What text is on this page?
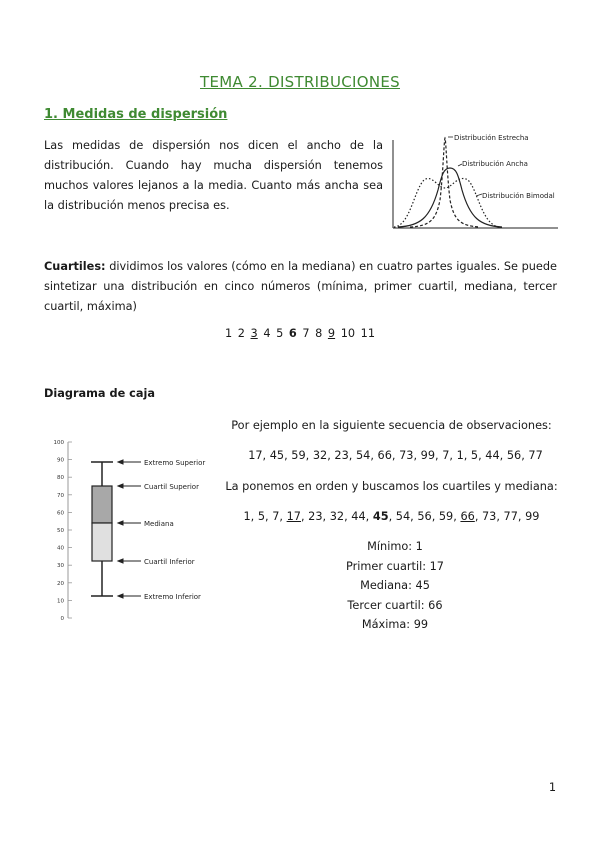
TEMA 2. DISTRIBUCIONES
1. Medidas de dispersión
Las medidas de dispersión nos dicen el ancho de la distribución. Cuando hay mucha dispersión tenemos muchos valores lejanos a la media. Cuanto más ancha sea la distribución menos precisa es.
Distribución Estrecha
Distribución Ancha
Distribución Bimodal
Cuartiles: dividimos los valores (cómo en la mediana) en cuatro partes iguales. Se puede sintetizar una distribución en cinco números (mínima, primer cuartil, mediana, tercer cuartil, máxima)
1 2 3 4 5 6 7 8 9 10 11
Diagrama de caja
100
90
80
70
60
50
40
30
20
10
0
Extremo Superior
Cuartil Superior
Mediana
Cuartil Inferior
Extremo Inferior
Por ejemplo en la siguiente secuencia de observaciones:
17, 45, 59, 32, 23, 54, 66, 73, 99, 7, 1, 5, 44, 56, 77
La ponemos en orden y buscamos los cuartiles y mediana:
1, 5, 7, 17, 23, 32, 44, 45, 54, 56, 59, 66, 73, 77, 99
Mínimo: 1
Primer cuartil: 17
Mediana: 45
Tercer cuartil: 66
Máxima: 99
1
